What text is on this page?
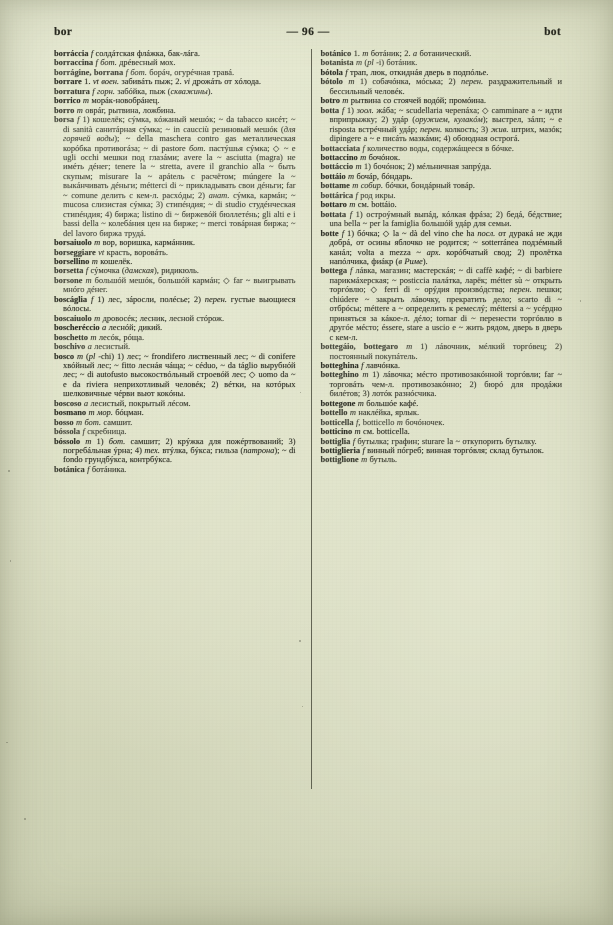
bor	— 96 —	bot

borráccia f солдáтская флáжка, бак-лáга.

borraccina f бот. дрéвесный мох.

borrágine, borrana f бот. борáч, огурéчная травá.

borrare 1. vt воен. забивáть пыж; 2. vi дрожáть от хóлода.

borratura f горн. забóйка, пыж (скважины).

borrico m морáк-новобрáнец.

borro m оврáг, рытвина, ложбина.

borsa f 1) кошелёк; сýмка, кóжаный мешóк; ~ da tabacco кисéт; ~ di sanità санитáрная сýмка; ~ in caucciù резиновый мешóк (для горячей воды); ~ della maschera contro gas металлическая корóбка противогáза; ~ di pastore бот. пастýшья сýмка; ◇ ~ e ugli occhi мешки под глазáми; avere la ~ asciutta (magra) не имéть дéнег; tenere la ~ stretta, avere il granchio alla ~ быть скупым; misurare la ~ apáteль с расчётом; múngere la ~ выкáнчивать дéньги; métterci di ~ прикладывать свои дéньги; far ~ comune делить с кем-л. расхóды; 2) анат. сýмка, кармáн; ~ mucosa слизистая сýмка; 3) стипéндия; ~ di studio студéнческая стипéндия; 4) биржа; listino di ~ биржевóй бюллетéнь; gli alti e i bassi della ~ колебáния цен на бирже; ~ merci товáрная биржа; ~ del lavoro биржа трудá.

borsaiuolo m вор, воришка, кармáнник.

borseggiare vt красть, воровáть.

borsellino m кошелёк.

borsetta f сýмочка (дамская), ридикюль.

borsone m большóй мешóк, большóй кармáн; ◇ far ~ выигрывать мнóго дéнег.

boscáglia f 1) лес, зáросли, полéсье; 2) перен. густые вьющиеся вóлосы.

boscaiuolo m дровосéк; лесник, лесной стóрож.

boscheréccio a леснóй; дикий.

boschetto m лесóк, рóща.

boschivo a лесистый.

bosco m (pl -chi) 1) лес; ~ frondifero лиственный лес; ~ di conifere хвóйный лес; ~ fitto леснáя чáща; ~ céduo, ~ da táglio вырубнóй лес; ~ di autofusto высокоствóльный строевóй лес; ◇ uomo da ~ e da riviera неприхотливый человéк; 2) вéтки, на котóрых шелковичные чéрви вьют кокóны.

boscoso a лесистый, покрытый лéсом.

bosmano m мор. бóцман.

bosso m бот. самшит.

bóssola f скребница.

bóssolo m 1) бот. самшит; 2) крýжка для пожéртвований; 3) погребáльная ýрна; 4) тех. втýлка, бýкса; гильза (патрона); ~ di fondo грундбýкса, контрбýкса.

botánica f ботáника.

botánico 1. m ботáник; 2. a ботанический.

botanista m (pl -i) ботáник.

bótola f трап, люк, откиднáя дверь в подпóлье.

bótolo m 1) собачóнка, мóська; 2) перен. раздражительный и бессильный человéк.

botro m рытвина со стоячей водóй; промóина.

botta f 1) зоол. жáба; ~ scudellaria черепáха; ◇ camminare a ~ идти вприпрыжку; 2) удáр (оружием, кулакóм); выстрел, зáлп; ~ e risposta встрéчный удáр; перен. колкость; 3) жив. штрих, мазóк; dipingere a ~ e писáть мазкáми; 4) обоюдная острогá.

bottacciata f количество воды, содержáщееся в бóчке.

bottaccino m бочóнок.

bottáccio m 1) бочóнок; 2) мéльничная запрýда.

bottáio m бочáр, бóндарь.

bottame m собир. бóчки, бондáрный товáр.

bottárica f род икры.

bottaro m см. bottáio.

bottata f 1) остроýмный выпáд, кóлкая фрáза; 2) бедá, бéдствие; una bella ~ per la famiglia большóй удáр для семьи.

botte f 1) бóчка; ◇ la ~ dà del vino che ha посл. от дуракá не жди добрá, от осины яблочко не родится; ~ sotterránea подзéмный канáл; volta a mezza ~ арх. корóбчатый свод; 2) пролётка напóлчика, фиáкр (в Риме).

bottega f лáвка, магазин; мастерскáя; ~ di caffè кафé; ~ di barbiere парикмáхерская; ~ posticcia палáтка, ларёк; métter sù ~ открыть торгóвлю; ◇ ferri di ~ орýдия произвóдства; перен. пешки; chiúdere ~ закрыть лáвочку, прекратить дело; scarto di ~ отбрóсы; méttere a ~ определить к ремеслý; méttersi a ~ усéрдно приняться за кáкое-л. дéло; tornar di ~ перенести торгóвлю в другóе мéсто; éssere, stare a uscio e ~ жить рядом, дверь в дверь с кем-л.

bottegáio, bottegaro m 1) лáвочник, мéлкий торгóвец; 2) постоянный покупáтель.

botteghina f лавчóнка.

botteghino m 1) лáвочка; мéсто противозакóнной торгóвли; far ~ торговáть чем-л. противозакóнно; 2) бюрó для продáжи билéтов; 3) лотóк разнóсчика.

bottegone m большóе кафé.

bottello m наклéйка, ярлык.

botticella f, botticello m бочóночек.

botticino m см. botticella.

bottiglia f бутылка; графин; sturare la ~ откупорить бутылку.

bottiglieria f винный пóгреб; винная торгóвля; склад бутылок.

bottiglione m бутыль.
